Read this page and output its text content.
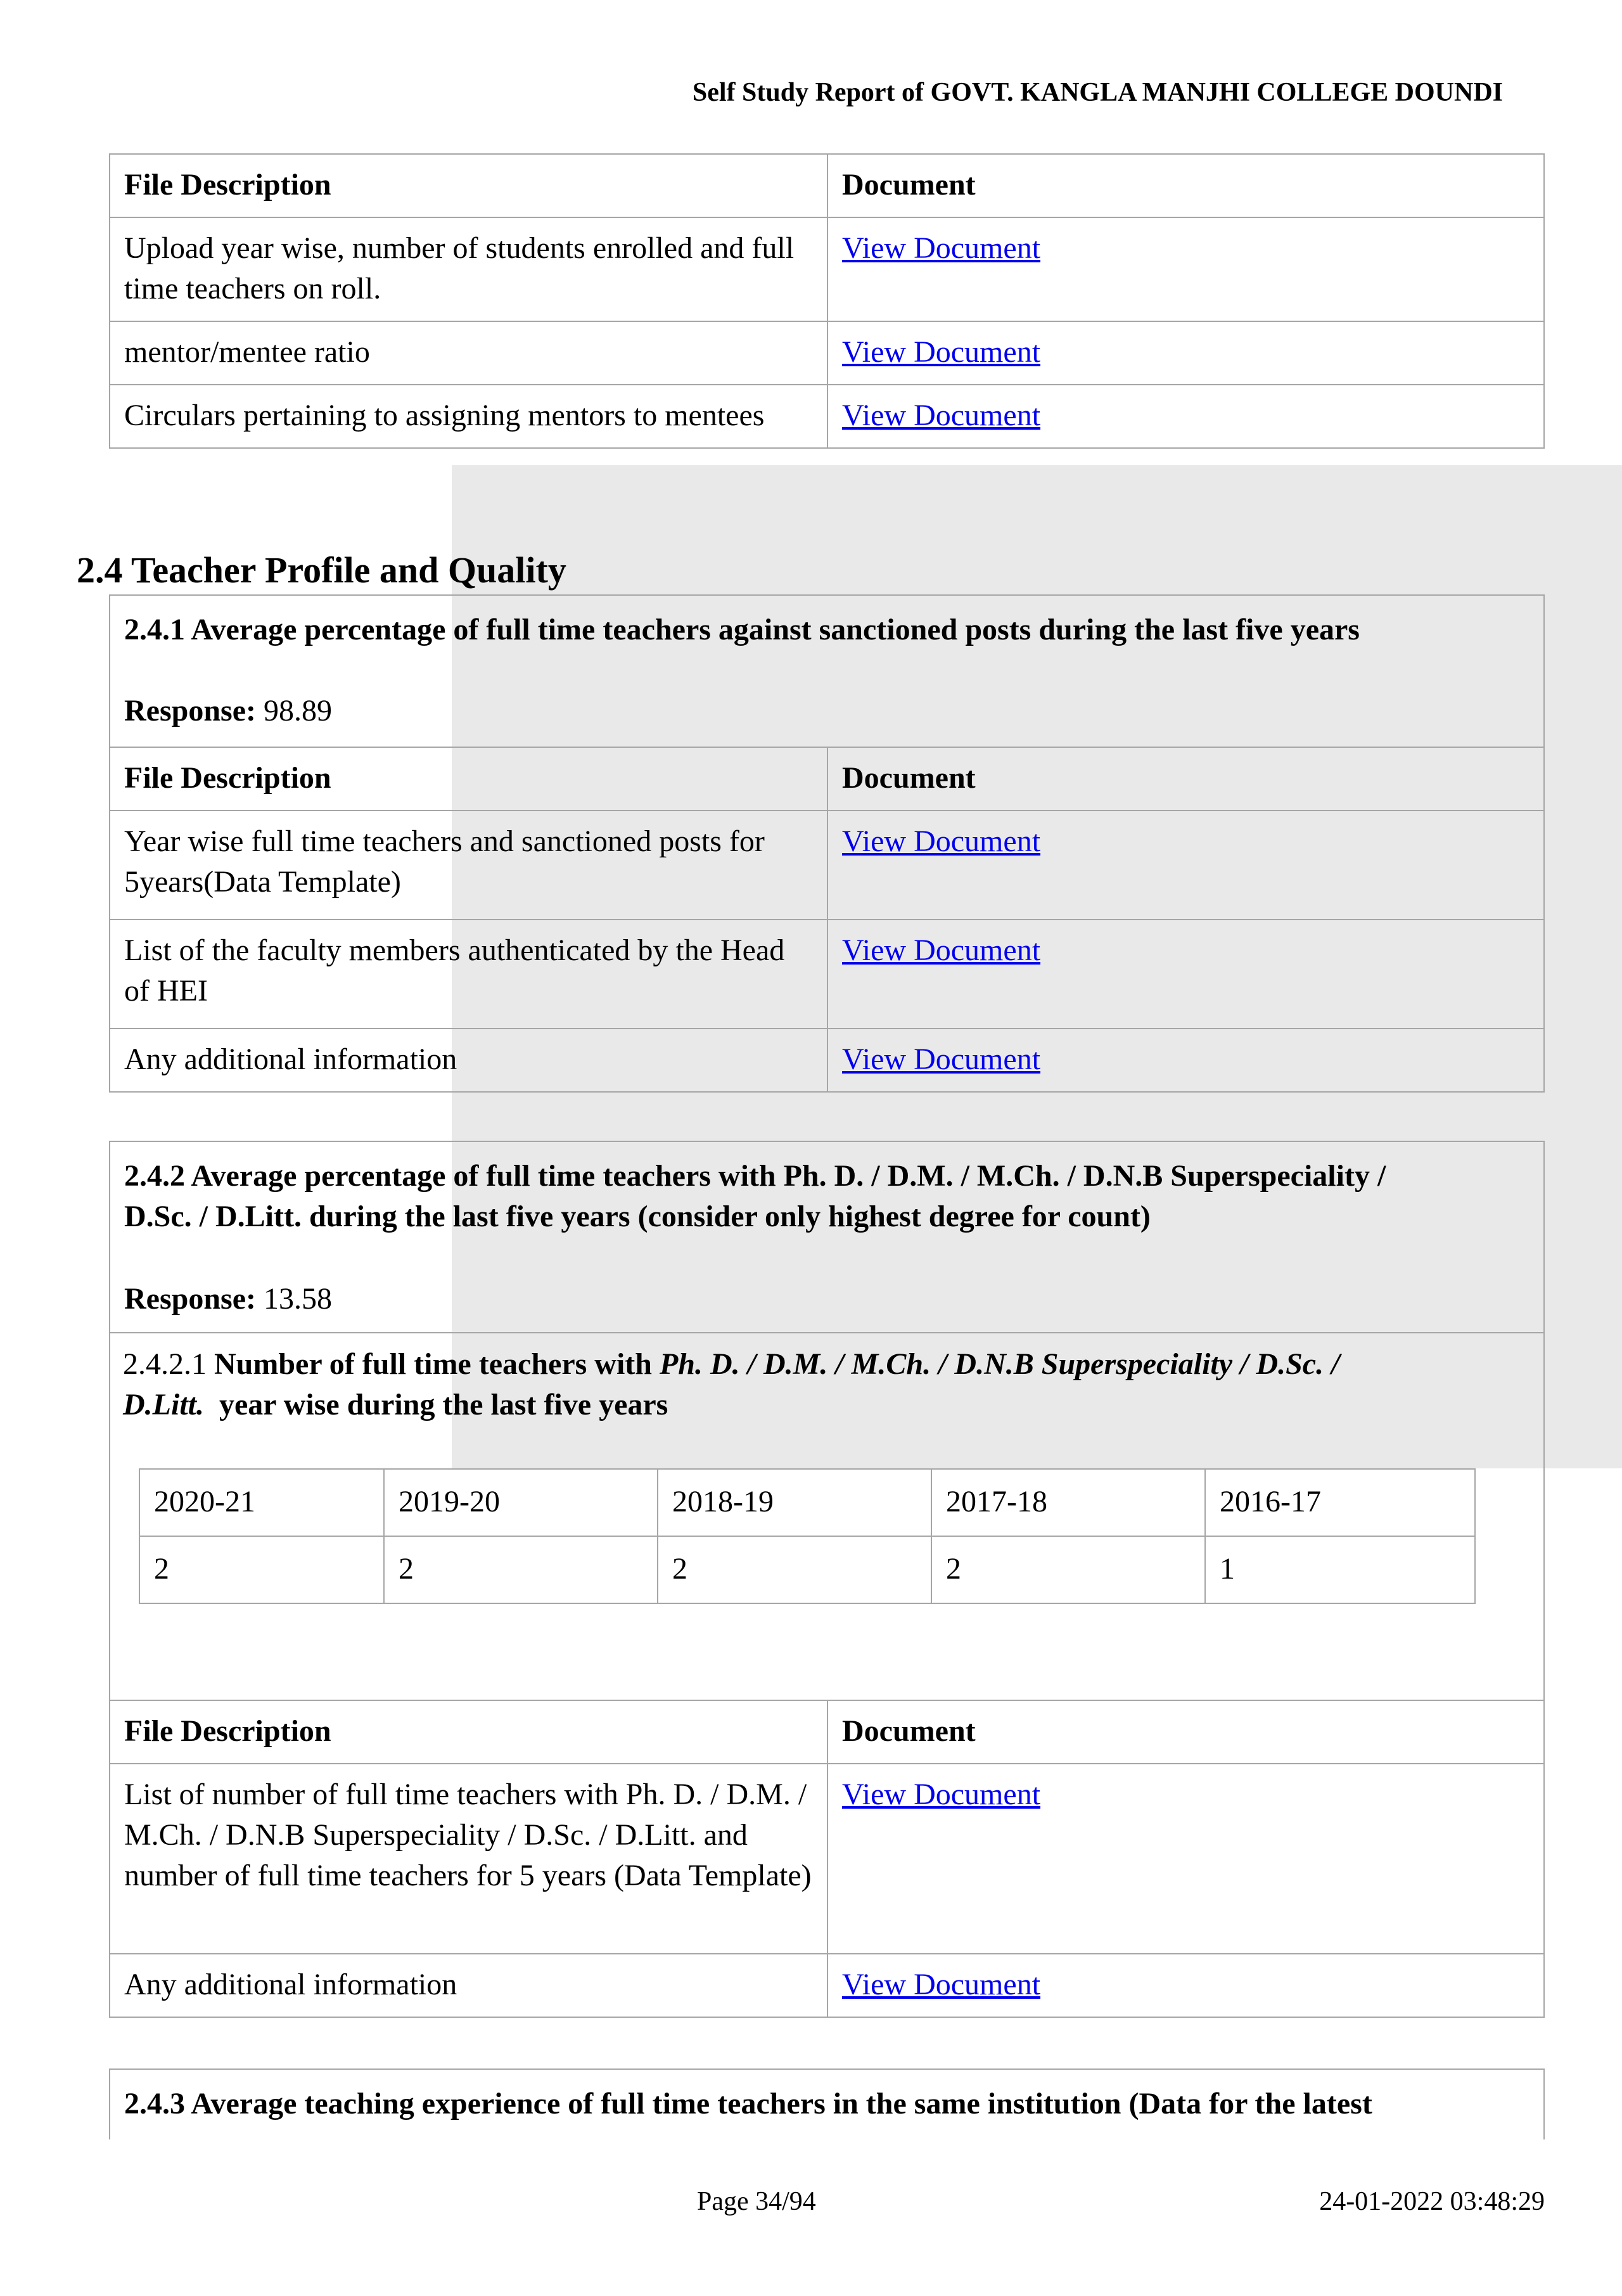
Self Study Report of GOVT. KANGLA MANJHI COLLEGE DOUNDI
File Description	Document
Upload year wise, number of students enrolled and full time teachers on roll.	View Document
mentor/mentee ratio	View Document
Circulars pertaining to assigning mentors to mentees	View Document
2.4 Teacher Profile and Quality
2.4.1 Average percentage of full time teachers against sanctioned posts during the last five years
Response: 98.89
File Description	Document
Year wise full time teachers and sanctioned posts for 5years(Data Template)	View Document
List of the faculty members authenticated by the Head of HEI	View Document
Any additional information	View Document
2.4.2 Average percentage of full time teachers with Ph. D. / D.M. / M.Ch. / D.N.B Superspeciality /
D.Sc. / D.Litt. during the last five years (consider only highest degree for count)
Response: 13.58
2.4.2.1 Number of full time teachers with Ph. D. / D.M. / M.Ch. / D.N.B Superspeciality / D.Sc. /
D.Litt. year wise during the last five years
2020-21	2019-20	2018-19	2017-18	2016-17
2	2	2	2	1
File Description	Document
List of number of full time teachers with Ph. D. / D.M. / M.Ch. / D.N.B Superspeciality / D.Sc. / D.Litt. and number of full time teachers for 5 years (Data Template)	View Document
Any additional information	View Document
2.4.3 Average teaching experience of full time teachers in the same institution (Data for the latest
Page 34/94	24-01-2022 03:48:29
